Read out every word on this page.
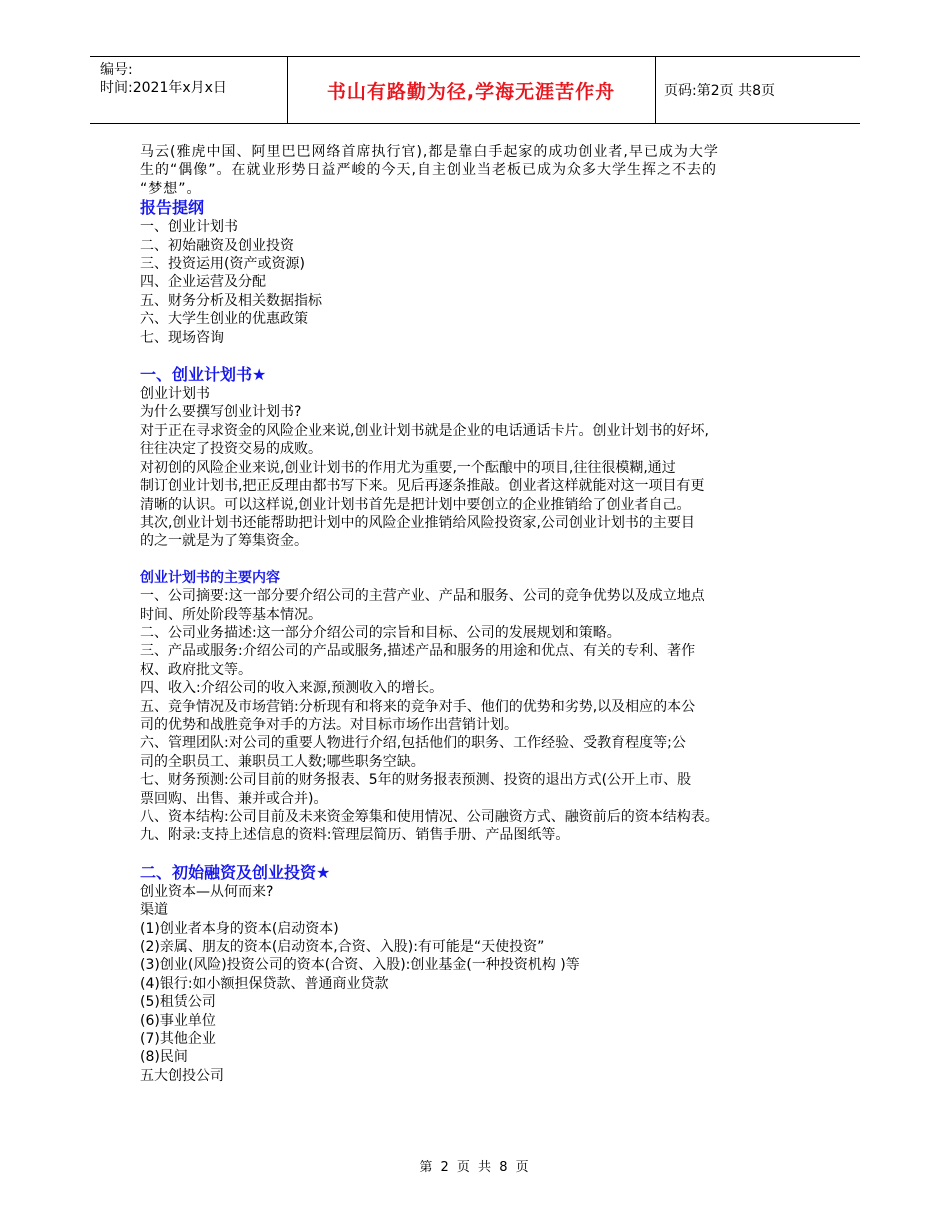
编号:
时间:2021年x月x日	书山有路勤为径,学海无涯苦作舟	页码:第2页 共8页
马云(雅虎中国、阿里巴巴网络首席执行官),都是靠白手起家的成功创业者,早已成为大学
生的“偶像”。在就业形势日益严峻的今天,自主创业当老板已成为众多大学生挥之不去的
“梦想”。
报告提纲
一、创业计划书
二、初始融资及创业投资
三、投资运用(资产或资源)
四、企业运营及分配
五、财务分析及相关数据指标
六、大学生创业的优惠政策
七、现场咨询
一、创业计划书★
创业计划书
为什么要撰写创业计划书?
对于正在寻求资金的风险企业来说,创业计划书就是企业的电话通话卡片。创业计划书的好坏,
往往决定了投资交易的成败。
对初创的风险企业来说,创业计划书的作用尤为重要,一个酝酿中的项目,往往很模糊,通过
制订创业计划书,把正反理由都书写下来。见后再逐条推敲。创业者这样就能对这一项目有更
清晰的认识。可以这样说,创业计划书首先是把计划中要创立的企业推销给了创业者自己。
其次,创业计划书还能帮助把计划中的风险企业推销给风险投资家,公司创业计划书的主要目
的之一就是为了筹集资金。
创业计划书的主要内容
一、公司摘要:这一部分要介绍公司的主营产业、产品和服务、公司的竞争优势以及成立地点
时间、所处阶段等基本情况。
二、公司业务描述:这一部分介绍公司的宗旨和目标、公司的发展规划和策略。
三、产品或服务:介绍公司的产品或服务,描述产品和服务的用途和优点、有关的专利、著作
权、政府批文等。
四、收入:介绍公司的收入来源,预测收入的增长。
五、竞争情况及市场营销:分析现有和将来的竞争对手、他们的优势和劣势,以及相应的本公
司的优势和战胜竞争对手的方法。对目标市场作出营销计划。
六、管理团队:对公司的重要人物进行介绍,包括他们的职务、工作经验、受教育程度等;公
司的全职员工、兼职员工人数;哪些职务空缺。
七、财务预测:公司目前的财务报表、5年的财务报表预测、投资的退出方式(公开上市、股
票回购、出售、兼并或合并)。
八、资本结构:公司目前及未来资金筹集和使用情况、公司融资方式、融资前后的资本结构表。
九、附录:支持上述信息的资料:管理层简历、销售手册、产品图纸等。
二、初始融资及创业投资★
创业资本—从何而来?
渠道
(1)创业者本身的资本(启动资本)
(2)亲属、朋友的资本(启动资本,合资、入股):有可能是“天使投资”
(3)创业(风险)投资公司的资本(合资、入股):创业基金(一种投资机构 )等
(4)银行:如小额担保贷款、普通商业贷款
(5)租赁公司
(6)事业单位
(7)其他企业
(8)民间
五大创投公司
第 2 页 共 8 页
